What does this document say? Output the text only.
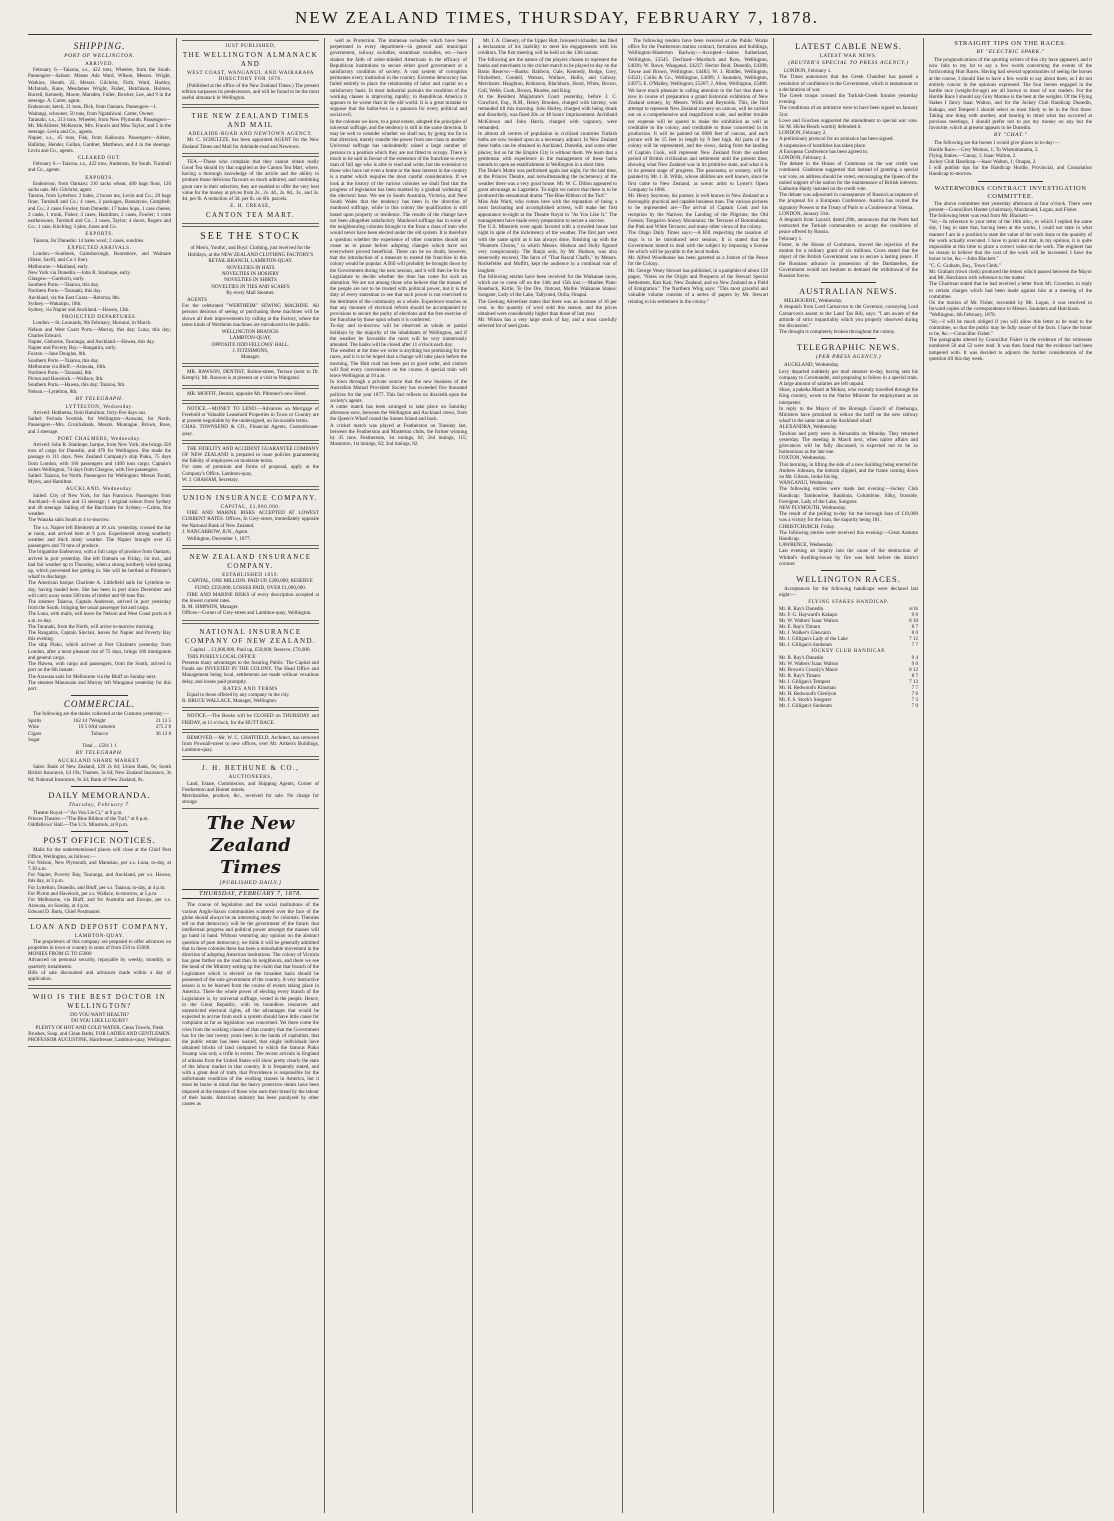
NEW ZEALAND TIMES, THURSDAY, FEBRUARY 7, 1878.
SHIPPING.
PORT OF WELLINGTON.
ARRIVED.

February 6.—Taiaroa, s.s., 422 tons, Wheeler, from the South. Passengers—Saloon: Misses Ada Ward, Wilson, Messrs. Wright, Watkins, Sheath. 22; Messrs. Gilchrist, Firth, Ward, Hartley, McIntosh, Kane, Mesdames Wright, Fisher, Hutchison, Holmes, Burrell, Kennedy, Moore, Marsden, Fuller, Bowker, Lee, and 9 in the steerage. A. Carter, agent.
Endeavour, ketch, 21 tons, Dick, from Oamaru. Passengers—1.
Waitangi, schooner, 50 tons, from Ngatahiwai. Carter, Owner.
Taranaki, s.s., 213 tons, Wheeler, from New Plymouth. Passengers—Mr. McAllister, McKenzie, Mrs. Francis and Miss Taylor, and 5 in the steerage. Levin and Co., agents.
Napier, s.s., 45 tons, Fisk, from Kaikoura. Passengers—Aitken, Halliday, Hender, Gollan, Gardner, Matthews, and 4 in the steerage. Levin and Co., agents.

CLEARED OUT.

February 6.—Taiaroa, s.s., 422 tons, Anderson, for South. Turnbull and Co., agents.

EXPORTS.

Endeavour, from Oamaru: 210 sacks wheat, 400 bags flour, 120 sacks oats. Mr. Gilchrist, agent.
Taiaroa, from Lyttelton: 2 bales, 2 boxes tea, Levin and Co.; 20 bags flour, Turnbull and Co.; 4 cases, 2 packages, Bannatyne, Campbell; and Co.; 2 cases Fowler, from Dunedin: 17 bales hops, 1 case cheese, 2 casks, 1 trunk, Fisher; 3 cases, Hamilton; 2 cases, Fowler; 1 crate earthenware, Turnbull and Co.; 3 cases, Taylor; 4 doors, Rogers and Co.; 1 case, Kitching; 3 pkts, Jones and Co.

EXPORTS.

Taiaroa, for Dunedin: 14 bales wool; 2 cases, sundries.

EXPECTED ARRIVALS.

London.—Southesk, Gainsborough, Bearsmore, and Waimate (Shaw, Savill, and Co.'s line).
Melbourne.—Maitland, early.
New York via Dunedin.—John R. Stanhope, early.
Glasgow.—Gareloch, early.
Southern Ports.—Taiaroa, this day.
Northern Ports.—Taranaki, this day.
Auckland, via the East Coast.—Rotorua, 8th.
Sydney.—Wakatipu, 10th.
Sydney, via Napier and Auckland.—Hawea, 13th.

PROJECTED DEPARTURES.

London.—St. Leonards, 9th February; Hurunui, in March.
Nelson and West Coast Ports.—Murray, this day; Luna, this day; Charles Edward.
Napier, Gisborne, Tauranga, and Auckland.—Hawea, this day.
Napier and Poverty Bay.—Rangatira, early.
Foxton.—Jane Douglas, 8th.
Southern Ports.—Taiaroa, this day.
Melbourne via Bluff.—Arawata, 10th.
Northern Ports.—Taranaki, 8th.
Picton and Havelock.—Wallace, 9th.
Southern Ports.—Hawea, this day; Taiaroa, 9th.
Nelson.—Lyttelton, 8th.

BY TELEGRAPH.
LYTTELTON, Wednesday.

Arrived: Hobbema, from Hamilton; forty-five days out.
Sailed: Ferinda Scottish, for Wellington—Arawata, for North. Passengers—Mrs. Cruickshank, Messrs. Montague, Brown, Rose, and 3 steerage.

PORT CHALMERS, Wednesday.

Arrived: John R. Stanhope, barque, from New York; she brings 350 tons of cargo for Dunedin, and 470 for Wellington. She made the passage in 111 days. New Zealand Company's ship Piako, 75 days from London, with 160 passengers and 1400 tons cargo. Captain's orders Wellington, 74 days from Glasgow, with five passengers.
Sailed: Taiaroa, for North. Passengers for Wellington: Messrs Toodd, Myers, and Hamilton.

AUCKLAND, Wednesday.

Sailed: City of New York, for San Francisco. Passengers from Auckland—6 saloon and 13 steerage; 1 original saloon from Sydney and 40 steerage. Sailing of the Bacchante for Sydney.—Calms, fine weather.
The Wanaka sails South at 4 to-morrow.

The s.s. Napier left Blenheim at 10 a.m. yesterday, crossed the bar at noon, and arrived here at 9 p.m. Experienced strong southerly weather and thick misty weather. The Napier brought over 45 passengers and 70 tons of produce.
The brigantine Endeavour, with a full cargo of produce from Oamaru, arrived in port yesterday. She left Oamaru on Friday, 1st inst., and had fair weather up to Thursday, when a strong northerly wind sprang up, which prevented her getting in. She will be berthed at Plimmer's wharf to discharge.
The American barque Charlotte A. Littlefield sails for Lyttelton to-day, having loaded here. She has been in port since December and will carry away some 500 tons of timber and 60 tons flax.
The steamer Taiaroa, Captain Anderson, arrived in port yesterday from the South, bringing her usual passenger list and cargo.
The Luna, with mails, will leave for Nelson and West Coast ports at 8 a.m. to-day.
The Taranaki, from the North, will arrive to-morrow morning.
The Rangatira, Captain Sinclair, leaves for Napier and Poverty Bay this evening.
The ship Piako, which arrived at Port Chalmers yesterday from London, after a most pleasant run of 75 days, brings 160 immigrants and general cargo.
The Hawea, with cargo and passengers, from the South, arrived in port on the 6th instant.
The Arawata sails for Melbourne via the Bluff on Sunday next.
The steamer Manawatu and Murray left Wanganui yesterday for this port.

COMMERCIAL.

The following are the duties collected at the Customs yesterday:—

Spirits	162 14 7	Weight	21 13 5
Wine	19 5 0	Ad valorem	275 2 8
Cigars		Tobacco	36 13 8
Sugar			

Total ... £501 1 1

BY TELEGRAPH.
AUCKLAND SHARE MARKET.

Sales: Bank of New Zealand, £20 2s 6d; Union Bank, 9s; South British Insurance, £4 19s; Thames, 3s 6d; New Zealand Insurance, 3s 6d; National Insurance, 9s 3d; Bank of New Zealand, 8s.

DAILY MEMORANDA.
Thursday, February 7.

Theatre Royal.—"Au Von Lie Ci," at 8 p.m.
Princes Theatre.—"The Blue Ribbon of the Turf," at 8 p.m.
Oddfellows' Hall.—The U.S. Minstrels, at 8 p.m.

POST OFFICE NOTICES.

Mails for the undermentioned places will close at the Chief Post Office, Wellington, as follows:—
For Nelson, New Plymouth, and Manukau, per s.s. Luna, to-day, at 7.30 a.m.
For Napier, Poverty Bay, Tauranga, and Auckland, per s.s. Hawea, this day, at 3 p.m.
For Lyttelton, Dunedin, and Bluff, per s.s. Taiaroa, to-day, at 4 p.m.
For Picton and Havelock, per s.s. Wallace, to-morrow, at 5 p.m.
For Melbourne, via Bluff, and for Australia and Europe, per s.s. Arawata, on Sunday, at 4 p.m.
Edward D. Butts, Chief Postmaster.

LOAN AND DEPOSIT COMPANY,
LAMBTON-QUAY.

The proprietors of this company are prepared to offer advances on properties in town or country in sums of from £50 to £5000.
MONIES FROM £5 TO £5000
Advanced on personal security, repayable by weekly, monthly, or quarterly instalments.
Bills of sale discounted and advances made within a day of application.

WHO IS THE BEST DOCTOR IN WELLINGTON?

DO YOU WANT HEALTH?
DO YOU LIKE LUXURY?
PLENTY OF HOT AND COLD WATER, Clean Towels, Flesh Brushes, Soap, and Clean Baths, FOR LADIES AND GENTLEMEN.
PROFESSOR AUGUSTINE, Hairdresser, Lambton-quay, Wellington.

JUST PUBLISHED,
THE WELLINGTON ALMANACK AND
WEST COAST, WANGANUI, AND WAIRARAPA DIRECTORY FOR 1878.

(Published at the office of the New Zealand Times.) The present edition surpasses its predecessors, and will be found to be the most useful almanack in Wellington.

THE NEW ZEALAND TIMES AND MAIL
ADELAIDE-ROAD AND NEWTOWN AGENCY.

Mr. C. SCHULTZE, has been appointed AGENT for the New Zealand Times and Mail for Adelaide-road and Newtown.

TEA.—Those who complain that they cannot obtain really Good Tea should try that supplied at the Canton Tea Mart, where, having a thorough knowledge of the article and the ability to produce those delicious flavours so much admired, and combining great care in their selection, they are enabled to offer the very best value for the money at prices from 2s., 2s. 4d., 2s. 8d., 3s., and 3s. 4d. per lb. A reduction of 3d. per lb. on 6lb. parcels.

E. H. CREASE,
CANTON TEA MART.
SEE THE STOCK

of Men's, Youths', and Boys' Clothing, just received for the Holidays, at the NEW ZEALAND CLOTHING FACTORY'S RETAIL BRANCH, LAMBTON-QUAY.

NOVELTIES IN HATS
NOVELTIES IN HOSIERY
NOVELTIES IN SHIRTS
NOVELTIES IN TIES AND SCARFS
By every Mail Steamer.

AGENTS
For the celebrated "WERTHEIM" SEWING MACHINE. All persons desirous of seeing or purchasing these machines will be shown all their improvements by calling at the Factory, where the latest kinds of Wertheim machines are introduced to the public.

WELLINGTON BRANCH:
LAMBTON-QUAY,
OPPOSITE ODD FELLOWS' HALL.
J. FITZSIMONS,
Manager.

MR. RAWSON, DENTIST, Bolton-street, Terrace (next to Dr. Kemp's). Mr. Rawson is at present on a visit to Wanganui.

MR. MOFFIT, Dentist, opposite Mr. Plimmer's new Hotel.

NOTICE.—MONEY TO LEND.—Advances on Mortgage of Freehold or Valuable Leasehold Properties in Town or Country are at present negotiable by the undersigned, on favourable terms.
CHAS. TOWNSEND & CO., Financial Agents, Customhouse-quay.

THE FIDELITY AND ACCIDENT GUARANTEE COMPANY OF NEW ZEALAND is prepared to issue policies guaranteeing the fidelity of employees on moderate terms.
For rates of premium and forms of proposal, apply at the Company's Office, Lambton-quay.
W. J. GRAHAM, Secretary.

UNION INSURANCE COMPANY.
CAPITAL, £1,000,000.

FIRE AND MARINE RISKS ACCEPTED AT LOWEST CURRENT RATES. Offices, In Grey-street, immediately opposite the National Bank of New Zealand.
J. NANCARROW, JUN., Agent.

Wellington, December 1, 1877.

NEW ZEALAND INSURANCE COMPANY.
ESTABLISHED 1859.

CAPITAL, ONE MILLION. PAID UP, £200,000; RESERVE FUND, £250,000; LOSSES PAID, OVER £1,000,000.

FIRE AND MARINE RISKS of every description accepted at the lowest current rates.
R. M. SIMPSON, Manager.
Offices—Corner of Grey-street and Lambton-quay, Wellington.

NATIONAL INSURANCE COMPANY OF NEW ZEALAND.

Capital ... £1,000,000. Paid up, £50,000; Reserve, £70,000.

THIS PURELY LOCAL OFFICE
Presents many advantages to the Insuring Public. The Capital and Funds are INVESTED IN THE COLONY. The Head Office and Management being local, settlements are made without vexatious delay, and losses paid promptly.

RATES AND TERMS

Equal to those offered by any company in the city.
R. BRUCE WALLACE, Manager, Wellington.

NOTICE.—The Books will be CLOSED on THURSDAY and FRIDAY, at 11 o'clock, for the HUTT RACE.

REMOVED.—Mr. W. C. CHATFIELD, Architect, has removed from Pownall-street to new offices, over Mr. Aitken's Buildings, Lambton-quay.

J. H. BETHUNE & CO.,
AUCTIONEERS,

Land, Estate, Commission, and Shipping Agents, Corner of Featherston and Hunter streets.
Merchandise, produce, &c., received for sale. No charge for storage.

The New Zealand Times
[PUBLISHED DAILY.]
THURSDAY, FEBRUARY 7, 1878.

The course of legislation and the social institutions of the various Anglo-Saxon communities scattered over the face of the globe should always be an interesting study for colonists. Theories tell us that democracy will be the government of the future; that intellectual progress and political power amongst the masses will go hand in hand. Without venturing any opinion on the abstract question of pure democracy, we think it will be generally admitted that in these colonies there has been a remarkable movement in the direction of adopting American institutions. The colony of Victoria has gone farther on the road than its neighbours, and there we see the head of the Ministry setting up the claim that that branch of the Legislature which is elected on the broadest basis should be possessed of the sole government of the country. A very instructive lesson is to be learned from the course of events taking place in America. There the whole power of electing every branch of the Legislature is, by universal suffrage, vested in the people. Hence, in the Great Republic, with its boundless resources and unrestricted electoral rights, all the advantages that would be expected to accrue from such a system should have little cause for complaint as far as legislation was concerned. Yet there come the cries from the working classes of that country that the Government has for the last twenty years been in the hands of capitalists, that the public estate has been wasted, that single individuals have obtained blocks of land compared to which the famous Piako Swamp was only a trifle in extent. The recent arrivals in England of artisans from the United States will show pretty clearly the state of the labour market in that country. It is frequently stated, and with a great deal of truth, that Providence is responsible for the unfortunate condition of the working classes in America, but it must be borne in mind that the heavy protective duties have been imposed at the instance of those who earn their bread by the labour of their hands. American industry has been paralysed by other causes as

well as Protection. The immense swindles which have been perpetrated in every department—in general and municipal government, railway swindles, steamboat swindles, etc.—have shaken the faith of sober-minded Americans in the efficacy of Republican institutions to secure either good government or a satisfactory condition of society. A vast system of corruption permeates every institution in the country. Extreme democracy has failed entirely to place the relationship of labor and capital on a satisfactory basis. In most industrial pursuits the condition of the working classes is improving rapidly; in Republican America it appears to be worse than in the old world. It is a great mistake to suppose that the ballot-box is a panacea for every political and social evil.
In the colonies we have, to a great extent, adopted the principles of universal suffrage, and the tendency is still in the same direction. It may be well to consider whether we shall not, by going too far in that direction, merely transfer the power from one class to another. Universal suffrage has undoubtedly raised a large number of persons to a position which they are not fitted to occupy. There is much to be said in favour of the extension of the franchise to every man of full age who is able to read and write, but the extension to those who have not even a home or the least interest in the country is a matter which requires the most careful consideration. If we look at the history of the various colonies we shall find that the progress of legislation has been marked by a gradual widening of the electoral base. We see in South Australia, Victoria, and New South Wales that the tendency has been in the direction of manhood suffrage, while in this colony the qualification is still based upon property or residence. The results of the change have not been altogether satisfactory. Manhood suffrage has in some of the neighbouring colonies brought to the front a class of men who would never have been elected under the old system. It is therefore a question whether the experience of other countries should not cause us to pause before adopting changes which have not everywhere proved beneficial. There can be no doubt, however, that the introduction of a measure to extend the franchise in this colony would be popular. A Bill will probably be brought down by the Government during the next session, and it will then be for the Legislature to decide whether the time has come for such an alteration. We are not among those who believe that the masses of the people are not to be trusted with political power, but it is the duty of every statesman to see that such power is not exercised to the detriment of the community as a whole. Experience teaches us that any measure of electoral reform should be accompanied by provisions to secure the purity of elections and the free exercise of the franchise by those upon whom it is conferred.
To-day and to-morrow will be observed as whole or partial holidays by the majority of the inhabitants of Wellington, and if the weather be favorable the races will be very numerously attended. The banks will be closed after 11 o'clock each day.
The weather at the time we write is anything but promising for the races, and it is to be hoped that a change will take place before the morning. The Hutt road has been put in good order, and visitors will find every convenience on the course. A special train will leave Wellington at 10 a.m.
In town through a private source that the new business of the Australian Mutual Provident Society has exceeded five thousand policies for the year 1877. This fact reflects no discredit upon the society's agents.
A cutter match has been arranged to take place on Saturday afternoon next, between the Wellington and Auckland crews, from the Queen's Wharf round the Somes Island and back.
A cricket match was played at Featherston on Tuesday last, between the Featherston and Masterton clubs, the former winning by 35 runs. Featherston, 1st innings, 64; 2nd innings, 115; Masterton, 1st innings, 62; 2nd innings, 82.

Mr. J. A. Chenery, of the Upper Hutt, licensed victualler, has filed a declaration of his inability to meet his engagements with his creditors. The first meeting will be held on the 13th instant.
The following are the names of the players chosen to represent the banks and merchants in the cricket match to be played to-day on the Basin Reserve:—Banks: Baldwin, Gale, Kennedy, Budge, Grey, Fitzherbert, Cundell, Watson, Wallace, Hollis, and Galway. Merchants: Haughton, Robinson, Blackburn, Hood, White, Brown, Coll, Webb, Cook, Brown, Rhodes, and King.
At the Resident Magistrate's Court yesterday, before J. C. Crawford, Esq., R.M., Henry Brookes, charged with larceny, was remanded till this morning. John Hurley, charged with being drunk and disorderly, was fined 20s. or 48 hours' imprisonment. Archibald McKinnon and John Harris, charged with vagrancy, were remanded.
In almost all centres of population in civilized countries Turkish baths are now looked upon as a necessary adjunct. In New Zealand these baths can be obtained in Auckland, Dunedin, and some other places; but so far the Empire City is without them. We learn that a gentleman with experience in the management of these baths intends to open an establishment in Wellington in a short time.
The Duke's Motto was performed again last night, for the last time, at the Princes Theatre, and notwithstanding the inclemency of the weather there was a very good house. Mr. W. C. Dillon appeared to great advantage as Lagardere. To-night we notice that there is to be produced the sensational drama "The Blue Ribbon of the Turf."
Miss Ada Ward, who comes here with the reputation of being a most fascinating and accomplished actress, will make her first appearance to-night at the Theatre Royal in "As You Like It." The management have made every preparation to secure a success.
The U.S. Minstrels were again favored with a crowded house last night in spite of the inclemency of the weather. The first part went with the same spirit as it has always done, finishing up with the "Phantom Chorus," in which Messrs. Hudson and Holly figured very conspicuously. The Banjo solo, by Mr. Hudson, was also deservedly encored. The farce of "That Rascal Chaffs," by Messrs. Rockefeller and Moffitt, kept the audience in a continual roar of laughter.
The following entries have been received for the Waikanae races, which are to come off on the 14th and 15th inst.:—Maiden Plate: Rosebuck, Kirtle, Te Ore Ore, Outcast, Mollie. Waikanae Stakes: Songster, Lady of the Lake, Tallyrand, Onlia, Onapai.
The Geelong Advertiser states that there was an increase of 16 per cent. in the quantity of wool sold this season, and the prices obtained were considerably higher than those of last year.
Mr. Wilson has a very large stock of hay, and a most carefully selected lot of seed grain.

The following tenders have been received at the Public Works office for the Featherston station contract, formation and buildings, Wellington-Masterton Railway:—Accepted—James Sutherland, Wellington, £3545. Declined—Murdoch and Ross, Wellington, £4026; W. Rowe, Wanganui, £4237; Hector Reid, Dunedin, £4398; Tawse and Brown, Wellington, £4483; W. J. Riddler, Wellington, £4521; Collie & Co., Wellington, £4689; J. Saunders, Wellington, £4975; E. O'Malley, Wellington, £5207; J. Allen, Wellington, £5480.
We have much pleasure in calling attention to the fact that there is now in course of preparation a grand historical exhibition of New Zealand scenery, by Messrs. Willis and Reynolds. This, the first attempt to represent New Zealand scenery on canvas, will be carried out on a comprehensive and magnificent scale, and neither trouble nor expense will be spared to make the exhibition as well as creditable to the colony, and creditable to those concerned in its production. It will be painted on 6000 feet of canvas, and each picture will be 15 feet in length by 9 feet high. All parts of the colony will be represented, and the views, dating from the landing of Captain Cook, will represent New Zealand from the earliest period of British civilisation and settlement until the present time, showing what New Zealand was in its primitive state, and what it is in its present stage of progress. The panorama, or scenery, will be painted by Mr. J. B. Willis, whose abilities are well known, since he first came to New Zealand, as scenic artist to Lyster's Opera Company in 1868.
Mr. Henry Seymour, his partner, is well known in New Zealand as a thoroughly practical and capable business man. The various pictures to be represented are—The arrival of Captain Cook and his reception by the Natives; the Landing of the Pilgrims; the Old Forests; Tongariro Snowy Mountains; the Terraces of Rotomahana; the Pink and White Terraces; and many other views of the colony.
The Otago Daily Times says:—A Bill respecting the taxation of dogs is to be introduced next session. It is stated that the Government intend to deal with the subject by imposing a license fee which will be payable to the local bodies.
Mr. Alfred Woodhouse has been gazetted as a Justice of the Peace for the Colony.
Mr. George Vesey Stewart has published, in a pamphlet of about 120 pages, "Notes on the Origin and Prospects of the Stewart Special Settlement, Kati Kati, New Zealand, and on New Zealand as a Field of Emigration." The Northern Whig says: "This most graceful and valuable volume consists of a series of papers by Mr. Stewart relating to his settlement in the colony."

LATEST CABLE NEWS.
LATEST WAR NEWS.
(REUTER'S SPECIAL TO PRESS AGENCY.)

LONDON, February 1.
The Times announces that the Greek Chamber has passed a resolution of confidence in the Government, which is tantamount to a declaration of war.
The Greek troops crossed the Turkish-Greek frontier yesterday evening.
The conditions of an armistice were to have been signed on January 31st.
Lowe and Goschen supported the amendment to special war vote. Sir M. Hicks-Beach warmly defended it.
LONDON, February 2.
A preliminary protocol for an armistice has been signed.
A suspension of hostilities has taken place.
A European Conference has been agreed to.
LONDON, February 4.
The debate in the House of Commons on the war credit was continued. Gladstone suggested that instead of granting a special war vote, an address should be voted, encouraging the Queen of the united support of the nation for the maintenance of British interests. Gathorne Hardy insisted on the credit vote.
The debate was adjourned in consequence of Russia's acceptance of the proposal for a European Conference. Austria has invited the signatory Powers to the Treaty of Paris to a Conference at Vienna.
LONDON, January 31st.
A despatch from Layard, dated 29th, announces that the Porte had instructed the Turkish commanders to accept the conditions of peace offered by Russia.
February 1.
Foster, in the House of Commons, moved the rejection of the motion for a military grant of six millions. Cross stated that the object of the British Government was to secure a lasting peace. If the Russians advance in possession of the Dardanelles, the Government would not hesitate to demand the withdrawal of the Russian forces.

AUSTRALIAN NEWS.

MELBOURNE, Wednesday.
A despatch from Lord Carnarvon to the Governor, conveying Lord Carnarvon's assent to the Land Tax Bill, says: "I am aware of the attitude of strict impartiality which you properly observed during the discussion."
The drought is completely broken throughout the colony.

TELEGRAPHIC NEWS.
(PER PRESS AGENCY.)

AUCKLAND, Wednesday.
Levy departed suddenly per mail steamer to-day, having sent his company to Coromandel, and proposing to follow in a special train. A large amount of salaries are left unpaid.
Shaw, a pakeha Maori at Mokau, who recently travelled through the King country, wrote to the Native Minister for employment as an interpreter.
In reply to the Mayor of the Borough Council of Onehunga, Ministers have promised to reduce the tariff on the new railway wharf to the same rate as the Auckland wharf.
ALEXANDRA, Wednesday.
Tawhiao and party were in Alexandra on Monday. They returned yesterday. The meeting in March next, when native affairs and grievances will be fully discussed, is expected not to be so harmonious as the late one.
FOXTON, Wednesday.
This morning, in lifting the side of a new building being erected for Andrew Johnson, the bottom slipped, and the frame coming down on Mr. Gibson, broke his leg.
WANGANUI, Wednesday.
The following entries were made last evening:—Jockey Club Handicap: Tambourine, Bauhinia, Columbine, Silky, Ironside, Foreigner, Lady of the Lake, Songster.
NEW PLYMOUTH, Wednesday.
The result of the polling to-day for the borough loan of £10,000 was a victory for the loan, the majority being 181.
CHRISTCHURCH, Friday.
The following entries were received this evening:—Great Autumn Handicap.
LAWRENCE, Wednesday.
Last evening an inquiry into the cause of the destruction of Whittal's dwelling-house by fire was held before the district coroner.

WELLINGTON RACES.

Acceptances for the following handicaps were declared last night:—

FLYING STAKES HANDICAP.
Mr. R. Ray's Dunedin	st lb
Mr. F. G. Hayward's Kakapo	9 0
Mr. W. Walters' Isaac Walton	8 10
Mr. E. Ray's Timaru	8 7
Mr. J. Walker's Glencairn	8 0
Mr. J. Gilligan's Lady of the Lake	7 12
Mr. J. Gilligan's Sunbeam	7 7
JOCKEY CLUB HANDICAP.
Mr. R. Ray's Dunedin	9 4
Mr. W. Walters' Isaac Walton	9 0
Mr. Brown's Crossly's Maori	8 12
Mr. R. Ray's Timaru	8 7
Mr. J. Gilligan's Tempest	7 13
Mr. H. Redwood's Kinsman	7 7
Mr. H. Redwood's Glenlyon	7 6
Mr. F. S. Stock's Songster	7 3
Mr. J. Gilligan's Sunbeam	7 0
STRAIGHT TIPS ON THE RACES.
BY "ELECTRIC SPARK."

The prognostications of the sporting writers of this city have appeared, and it now falls to my lot to say a few words concerning the events of the forthcoming Hutt Races. Having had several opportunities of seeing the horses at the course, I should like to have a few words to say about them, as I do not entirely concur in the opinions expressed. The four horses engaged in the hurdle race (weight-for-age) are all known to most of our readers. For the Hurdle Race I should say Grey Momus is the best at the weights. Of the Flying Stakes I fancy Isaac Walton, and for the Jockey Club Handicap Dunedin, Kakapo, and Tempest I should select as most likely to be in the first three. Taking one thing with another, and bearing in mind what has occurred at previous meetings, I should prefer not to put my money on any but the favourite, which at present appears to be Dunedin.

BY "CHAT."

The following are the horses I would give places to to-day:—
Hurdle Race.—Grey Momus, 1; To Whetumarama, 2.
Flying Stakes.—Ganay, 1; Isaac Walton, 2.
Jockey Club Handicap.—Isaac Walton, 1; Onapai, 2.
I will publish tips for the Handicap Hurdle, Provincial, and Consolation Handicap to-morrow.

WATERWORKS CONTRACT INVESTIGATION COMMITTEE.

The above committee met yesterday afternoon at four o'clock. There were present—Councillors Hunter (chairman), Macdonald, Logan, and Fisher.
The following letter was read from Mr. Blackett:—
"Sir,—In reference to your letter of the 16th ulto., to which I replied the same day, I beg to state that, having been at the works, I could not state in what manner I am in a position to state the value of the work done or the quantity of the work actually executed. I have to point out that, in my opinion, it is quite impossible at this time to place a correct value on the work. The engineer has no reason to believe that the cost of the work will be increased. I have the honor to be, &c.—John Blackett."
"C. G. Graham, Esq., Town Clerk."
Mr. Graham (town clerk) produced the letters which passed between the Mayor and Mr. Hutchison with reference to the matter.
The Chairman stated that he had received a letter from Mr. Crowther, in reply to certain charges which had been made against him at a meeting of the committee.
On the motion of Mr. Fisher, seconded by Mr. Logan, it was resolved to forward copies of the correspondence to Messrs. Saunders and Hutchison.
"Wellington, 4th February, 1878.
"Sir,—I will be much obliged if you will allow this letter to be read to the committee, so that the public may be fully aware of the facts. I have the honor to be, &c.—Councillor Fisher."
The paragraphs altered by Councillor Fisher in the evidence of the witnesses numbered 50 and 52 were read. It was then found that the evidence had been tampered with. It was decided to adjourn the further consideration of the question till this day week.
